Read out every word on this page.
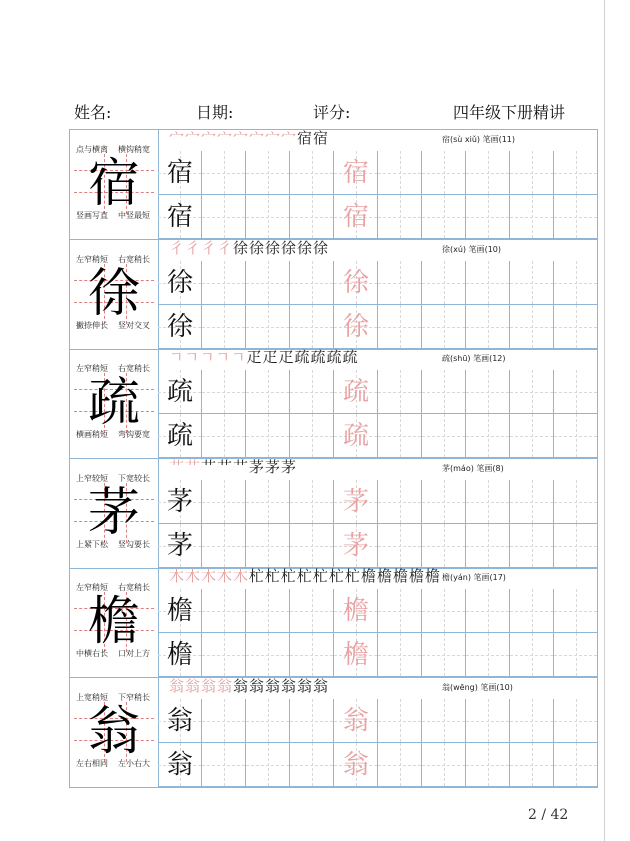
姓名:	日期:	评分:	四年级下册精讲
点与横离 横钩稍宽
宿
竖画写直 中竖最短
宀宀宀宀宀宀宀宀宿宿	宿(sù xiǔ) 笔画(11)
宿	宿
宿	宿
左窄稍短 右宽稍长
徐
撇捺伸长 竖对交叉
彳彳彳彳徐徐徐徐徐徐	徐(xú) 笔画(10)
徐	徐
徐	徐
左窄稍短 右宽稍长
疏
横画稍短 弯钩要宽
ㄱㄱㄱㄱㄱ疋疋疋疏疏疏疏	疏(shū) 笔画(12)
疏	疏
疏	疏
上窄较短 下宽较长
茅
上紧下松 竖勾要长
艹艹艹艹艹茅茅茅	茅(máo) 笔画(8)
茅	茅
茅	茅
左窄稍短 右宽稍长
檐
中横右长 口对上方
木木木木木杧杧杧杧杧杧杧檐檐檐檐檐 檐(yán) 笔画(17)
檐	檐
檐	檐
上宽稍短 下窄稍长
翁
左右相同 左小右大
翁翁翁翁翁翁翁翁翁翁	翁(wēng) 笔画(10)
翁	翁
翁	翁
2 / 42
